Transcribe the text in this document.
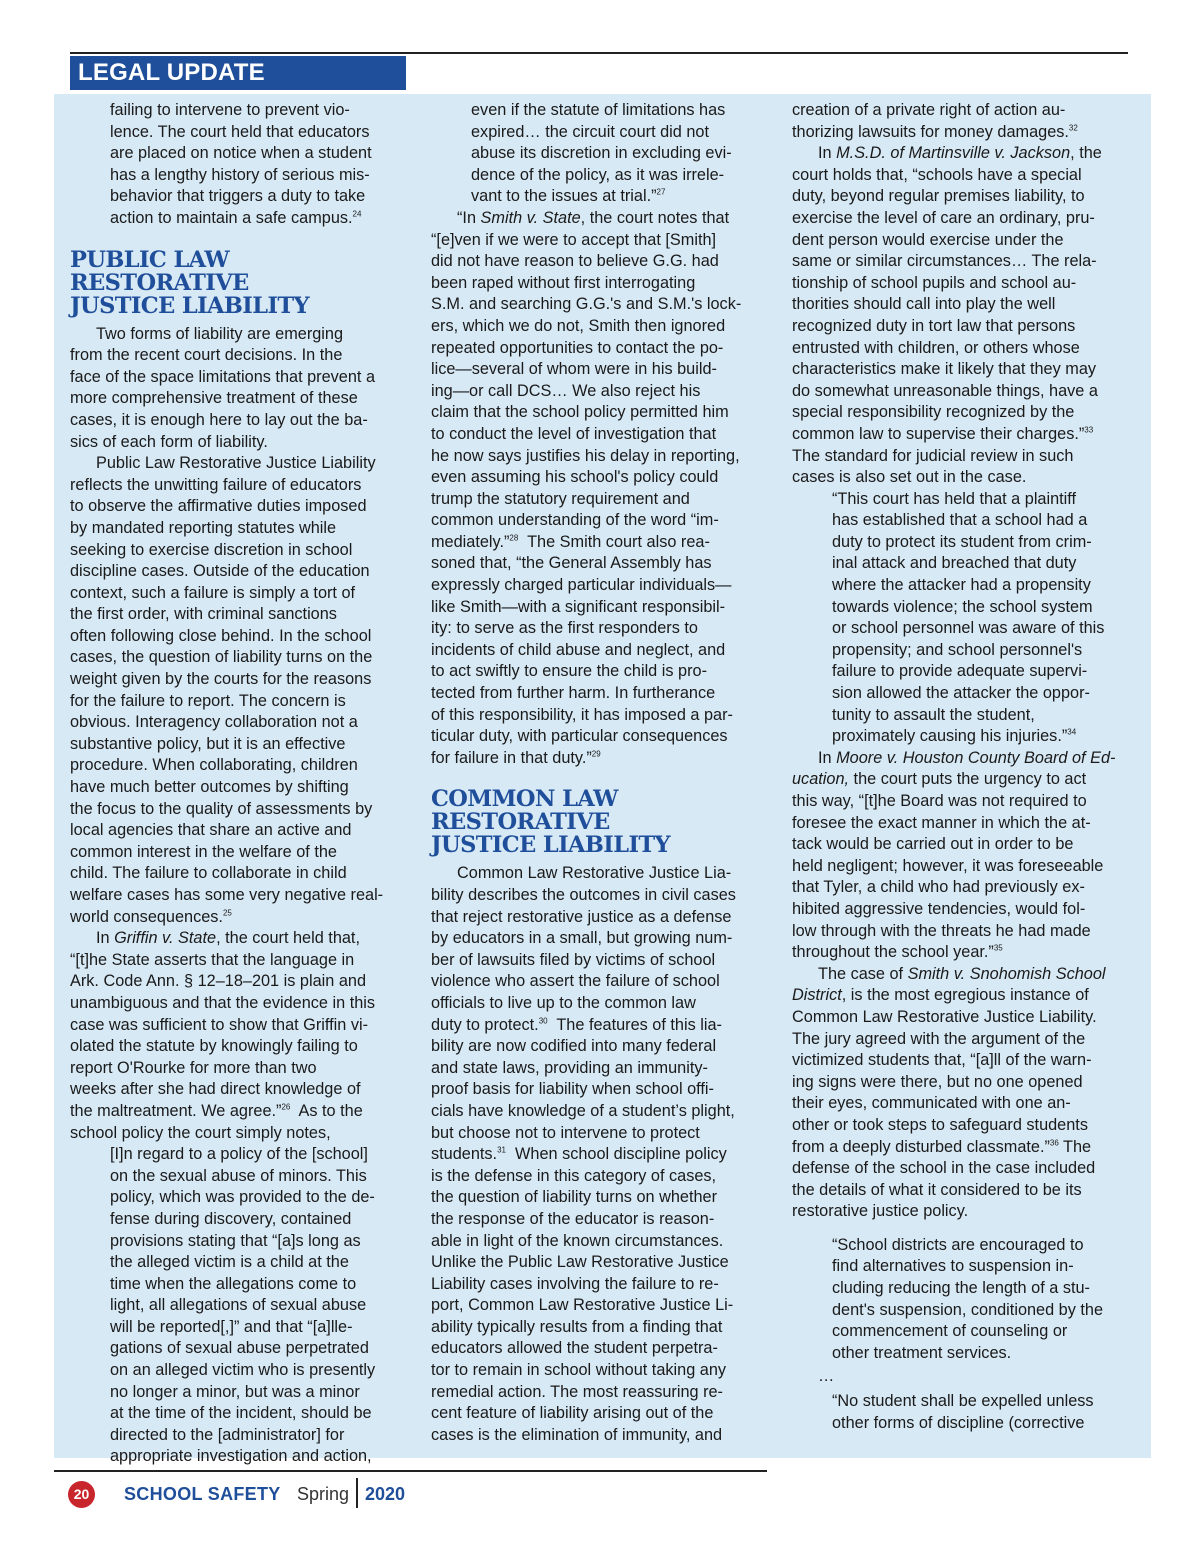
LEGAL UPDATE

failing to intervene to prevent vio-
lence. The court held that educators
are placed on notice when a student
has a lengthy history of serious mis-
behavior that triggers a duty to take
action to maintain a safe campus.$^{24}$

PUBLIC LAW RESTORATIVE
JUSTICE LIABILITY

Two forms of liability are emerging
from the recent court decisions. In the
face of the space limitations that prevent a
more comprehensive treatment of these
cases, it is enough here to lay out the ba-
sics of each form of liability.

Public Law Restorative Justice Liability
reflects the unwitting failure of educators
to observe the affirmative duties imposed
by mandated reporting statutes while
seeking to exercise discretion in school
discipline cases. Outside of the education
context, such a failure is simply a tort of
the first order, with criminal sanctions
often following close behind. In the school
cases, the question of liability turns on the
weight given by the courts for the reasons
for the failure to report. The concern is
obvious. Interagency collaboration not a
substantive policy, but it is an effective
procedure. When collaborating, children
have much better outcomes by shifting
the focus to the quality of assessments by
local agencies that share an active and
common interest in the welfare of the
child. The failure to collaborate in child
welfare cases has some very negative real-
world consequences.$^{25}$

In Griffin v. State, the court held that,
“[t]he State asserts that the language in
Ark. Code Ann. § 12–18–201 is plain and
unambiguous and that the evidence in this
case was sufficient to show that Griffin vi-
olated the statute by knowingly failing to
report O'Rourke for more than two
weeks after she had direct knowledge of
the maltreatment. We agree.”$^{26}$  As to the
school policy the court simply notes,

[I]n regard to a policy of the [school]
on the sexual abuse of minors. This
policy, which was provided to the de-
fense during discovery, contained
provisions stating that “[a]s long as
the alleged victim is a child at the
time when the allegations come to
light, all allegations of sexual abuse
will be reported[,]” and that “[a]lle-
gations of sexual abuse perpetrated
on an alleged victim who is presently
no longer a minor, but was a minor
at the time of the incident, should be
directed to the [administrator] for
appropriate investigation and action,

even if the statute of limitations has
expired… the circuit court did not
abuse its discretion in excluding evi-
dence of the policy, as it was irrele-
vant to the issues at trial.”$^{27}$

“In Smith v. State, the court notes that
“[e]ven if we were to accept that [Smith]
did not have reason to believe G.G. had
been raped without first interrogating
S.M. and searching G.G.'s and S.M.'s lock-
ers, which we do not, Smith then ignored
repeated opportunities to contact the po-
lice—several of whom were in his build-
ing—or call DCS… We also reject his
claim that the school policy permitted him
to conduct the level of investigation that
he now says justifies his delay in reporting,
even assuming his school's policy could
trump the statutory requirement and
common understanding of the word “im-
mediately.”$^{28}$  The Smith court also rea-
soned that, “the General Assembly has
expressly charged particular individuals—
like Smith—with a significant responsibil-
ity: to serve as the first responders to
incidents of child abuse and neglect, and
to act swiftly to ensure the child is pro-
tected from further harm. In furtherance
of this responsibility, it has imposed a par-
ticular duty, with particular consequences
for failure in that duty.”$^{29}$

COMMON LAW
RESTORATIVE
JUSTICE LIABILITY

Common Law Restorative Justice Lia-
bility describes the outcomes in civil cases
that reject restorative justice as a defense
by educators in a small, but growing num-
ber of lawsuits filed by victims of school
violence who assert the failure of school
officials to live up to the common law
duty to protect.$^{30}$  The features of this lia-
bility are now codified into many federal
and state laws, providing an immunity-
proof basis for liability when school offi-
cials have knowledge of a student’s plight,
but choose not to intervene to protect
students.$^{31}$  When school discipline policy
is the defense in this category of cases,
the question of liability turns on whether
the response of the educator is reason-
able in light of the known circumstances.
Unlike the Public Law Restorative Justice
Liability cases involving the failure to re-
port, Common Law Restorative Justice Li-
ability typically results from a finding that
educators allowed the student perpetra-
tor to remain in school without taking any
remedial action. The most reassuring re-
cent feature of liability arising out of the
cases is the elimination of immunity, and

creation of a private right of action au-
thorizing lawsuits for money damages.$^{32}$

In M.S.D. of Martinsville v. Jackson, the
court holds that, “schools have a special
duty, beyond regular premises liability, to
exercise the level of care an ordinary, pru-
dent person would exercise under the
same or similar circumstances… The rela-
tionship of school pupils and school au-
thorities should call into play the well
recognized duty in tort law that persons
entrusted with children, or others whose
characteristics make it likely that they may
do somewhat unreasonable things, have a
special responsibility recognized by the
common law to supervise their charges.”$^{33}$
The standard for judicial review in such
cases is also set out in the case.

“This court has held that a plaintiff
has established that a school had a
duty to protect its student from crim-
inal attack and breached that duty
where the attacker had a propensity
towards violence; the school system
or school personnel was aware of this
propensity; and school personnel's
failure to provide adequate supervi-
sion allowed the attacker the oppor-
tunity to assault the student,
proximately causing his injuries.”$^{34}$

In Moore v. Houston County Board of Ed-
ucation, the court puts the urgency to act
this way, “[t]he Board was not required to
foresee the exact manner in which the at-
tack would be carried out in order to be
held negligent; however, it was foreseeable
that Tyler, a child who had previously ex-
hibited aggressive tendencies, would fol-
low through with the threats he had made
throughout the school year.”$^{35}$

The case of Smith v. Snohomish School
District, is the most egregious instance of
Common Law Restorative Justice Liability.
The jury agreed with the argument of the
victimized students that, “[a]ll of the warn-
ing signs were there, but no one opened
their eyes, communicated with one an-
other or took steps to safeguard students
from a deeply disturbed classmate.”$^{36}$ The
defense of the school in the case included
the details of what it considered to be its
restorative justice policy.

“School districts are encouraged to
find alternatives to suspension in-
cluding reducing the length of a stu-
dent's suspension, conditioned by the
commencement of counseling or
other treatment services.

…

“No student shall be expelled unless
other forms of discipline (corrective

20	SCHOOL SAFETY Spring 2020
